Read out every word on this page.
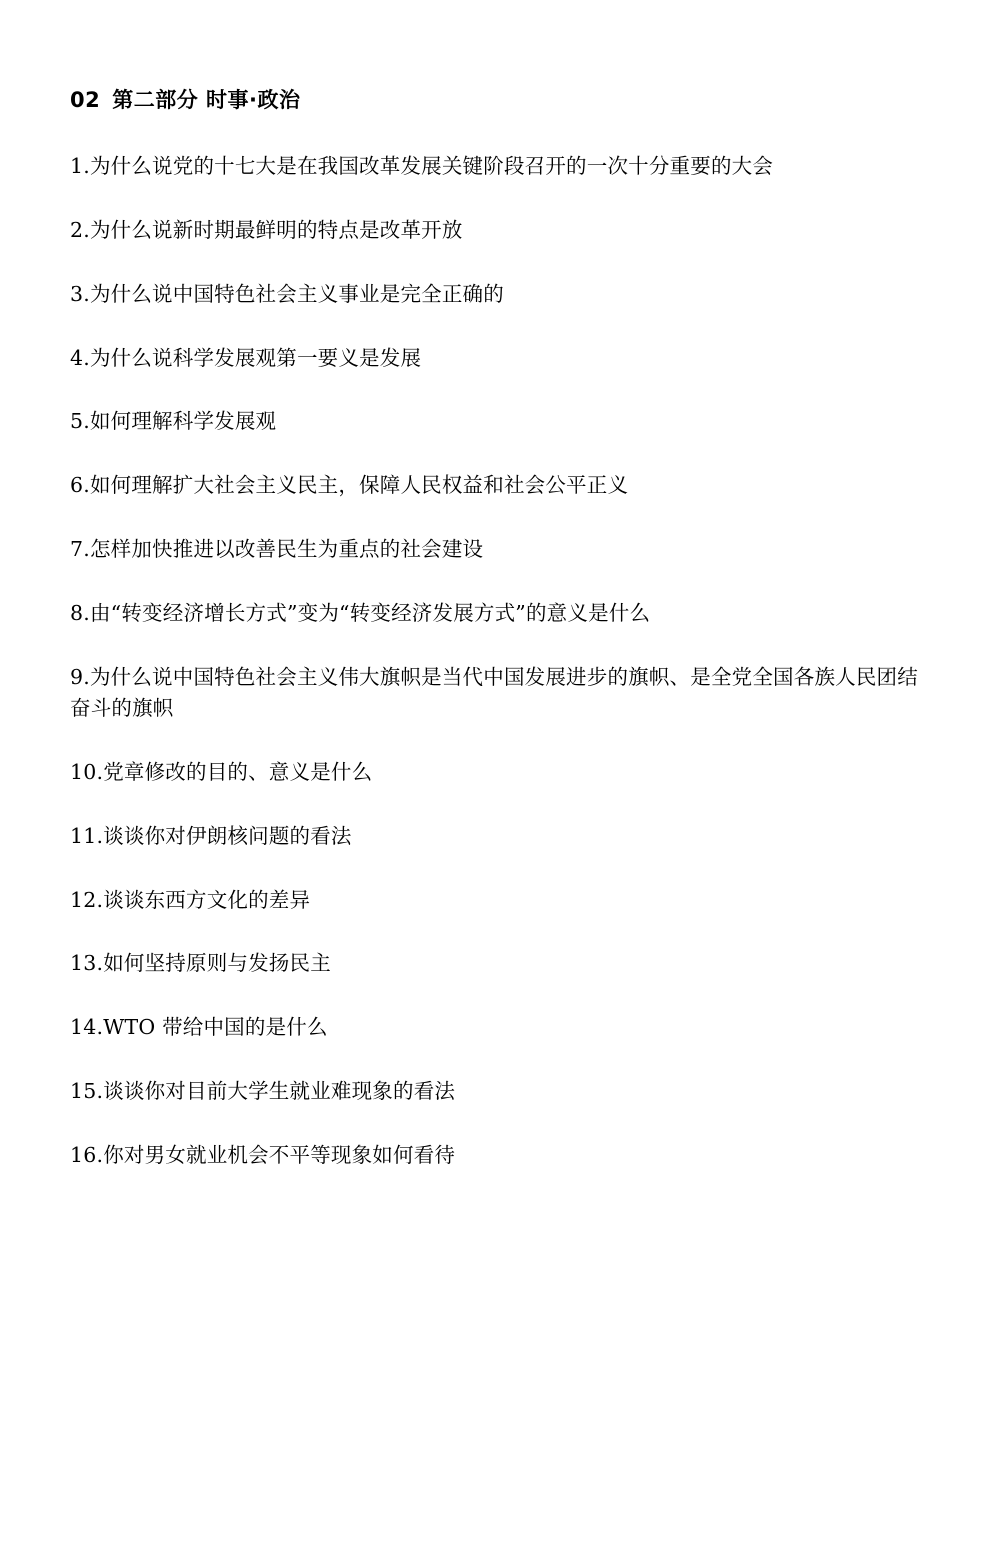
02 第二部分 时事·政治
1.为什么说党的十七大是在我国改革发展关键阶段召开的一次十分重要的大会
2.为什么说新时期最鲜明的特点是改革开放
3.为什么说中国特色社会主义事业是完全正确的
4.为什么说科学发展观第一要义是发展
5.如何理解科学发展观
6.如何理解扩大社会主义民主，保障人民权益和社会公平正义
7.怎样加快推进以改善民生为重点的社会建设
8.由“转变经济增长方式”变为“转变经济发展方式”的意义是什么
9.为什么说中国特色社会主义伟大旗帜是当代中国发展进步的旗帜、是全党全国各族人民团结奋斗的旗帜
10.党章修改的目的、意义是什么
11.谈谈你对伊朗核问题的看法
12.谈谈东西方文化的差异
13.如何坚持原则与发扬民主
14.WTO 带给中国的是什么
15.谈谈你对目前大学生就业难现象的看法
16.你对男女就业机会不平等现象如何看待
